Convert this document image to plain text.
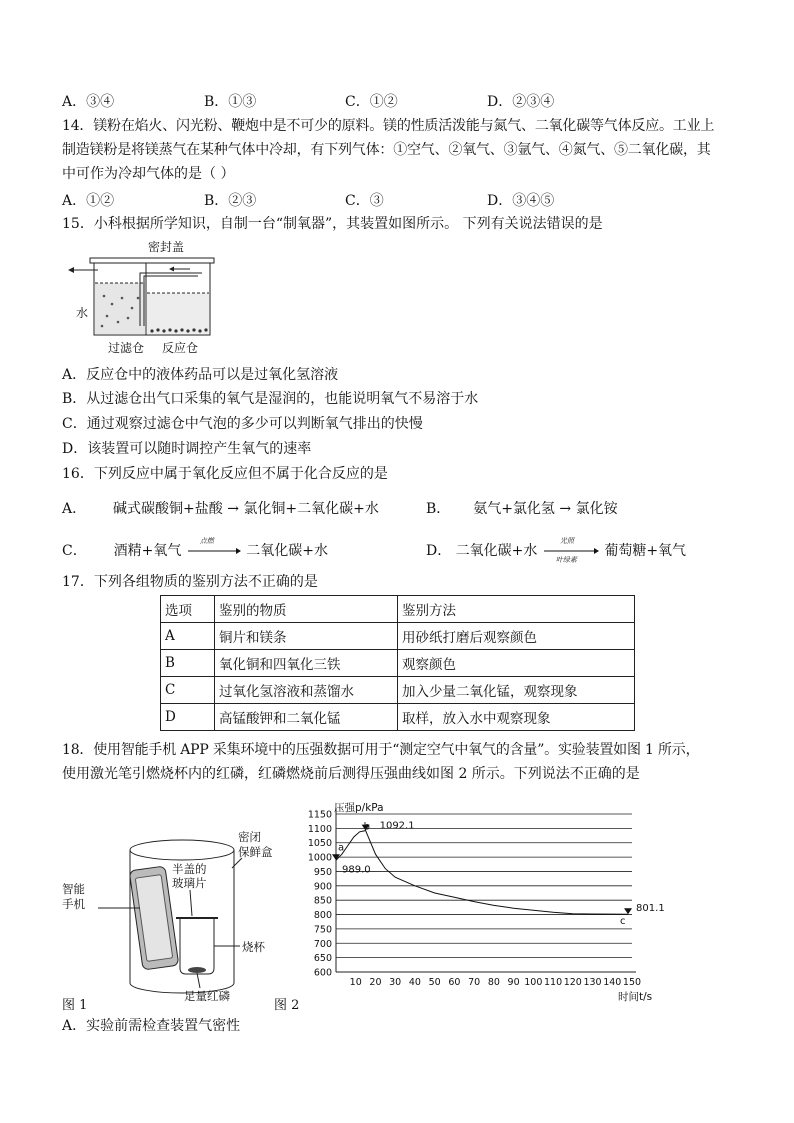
A．③④	B．①③	C．①②	D．②③④
14．镁粉在焰火、闪光粉、鞭炮中是不可少的原料。镁的性质活泼能与氮气、二氧化碳等气体反应。工业上
制造镁粉是将镁蒸气在某种气体中冷却，有下列气体：①空气、②氧气、③氩气、④氮气、⑤二氧化碳，其
中可作为冷却气体的是（ ）
A．①②	B．②③	C．③	D．③④⑤
15．小科根据所学知识，自制一台“制氧器”，其装置如图所示。 下列有关说法错误的是
密封盖
水
过滤仓 反应仓
A．反应仓中的液体药品可以是过氧化氢溶液
B．从过滤仓出气口采集的氧气是湿润的，也能说明氧气不易溶于水
C．通过观察过滤仓中气泡的多少可以判断氧气排出的快慢
D．该装置可以随时调控产生氧气的速率
16．下列反应中属于氧化反应但不属于化合反应的是
A． 碱式碳酸铜+盐酸 → 氯化铜+二氧化碳+水	B． 氨气+氯化氢 → 氯化铵
C． 酒精+氧气
点燃
二氧化碳+水	D． 二氧化碳+水
光照
叶绿素
葡萄糖+氧气
17．下列各组物质的鉴别方法不正确的是
选项	鉴别的物质	鉴别方法
A	铜片和镁条	用砂纸打磨后观察颜色
B	氧化铜和四氧化三铁	观察颜色
C	过氧化氢溶液和蒸馏水	加入少量二氧化锰，观察现象
D	高锰酸钾和二氧化锰	取样，放入水中观察现象
18．使用智能手机 APP 采集环境中的压强数据可用于“测定空气中氧气的含量”。实验装置如图 1 所示，
使用激光笔引燃烧杯内的红磷，红磷燃烧前后测得压强曲线如图 2 所示。下列说法不正确的是
智能
手机
半盖的
玻璃片
密闭
保鲜盒
烧杯
足量红磷
图 1	图 2
600
650
700
750
800
850
900
950
1000
1050
1100
1150
10 20 30 40 50 60 70 80 90 100 110 120 130 140 150
压强p/kPa
时间t/s
a
989.0
b 1092.1
c
801.1
A．实验前需检查装置气密性
